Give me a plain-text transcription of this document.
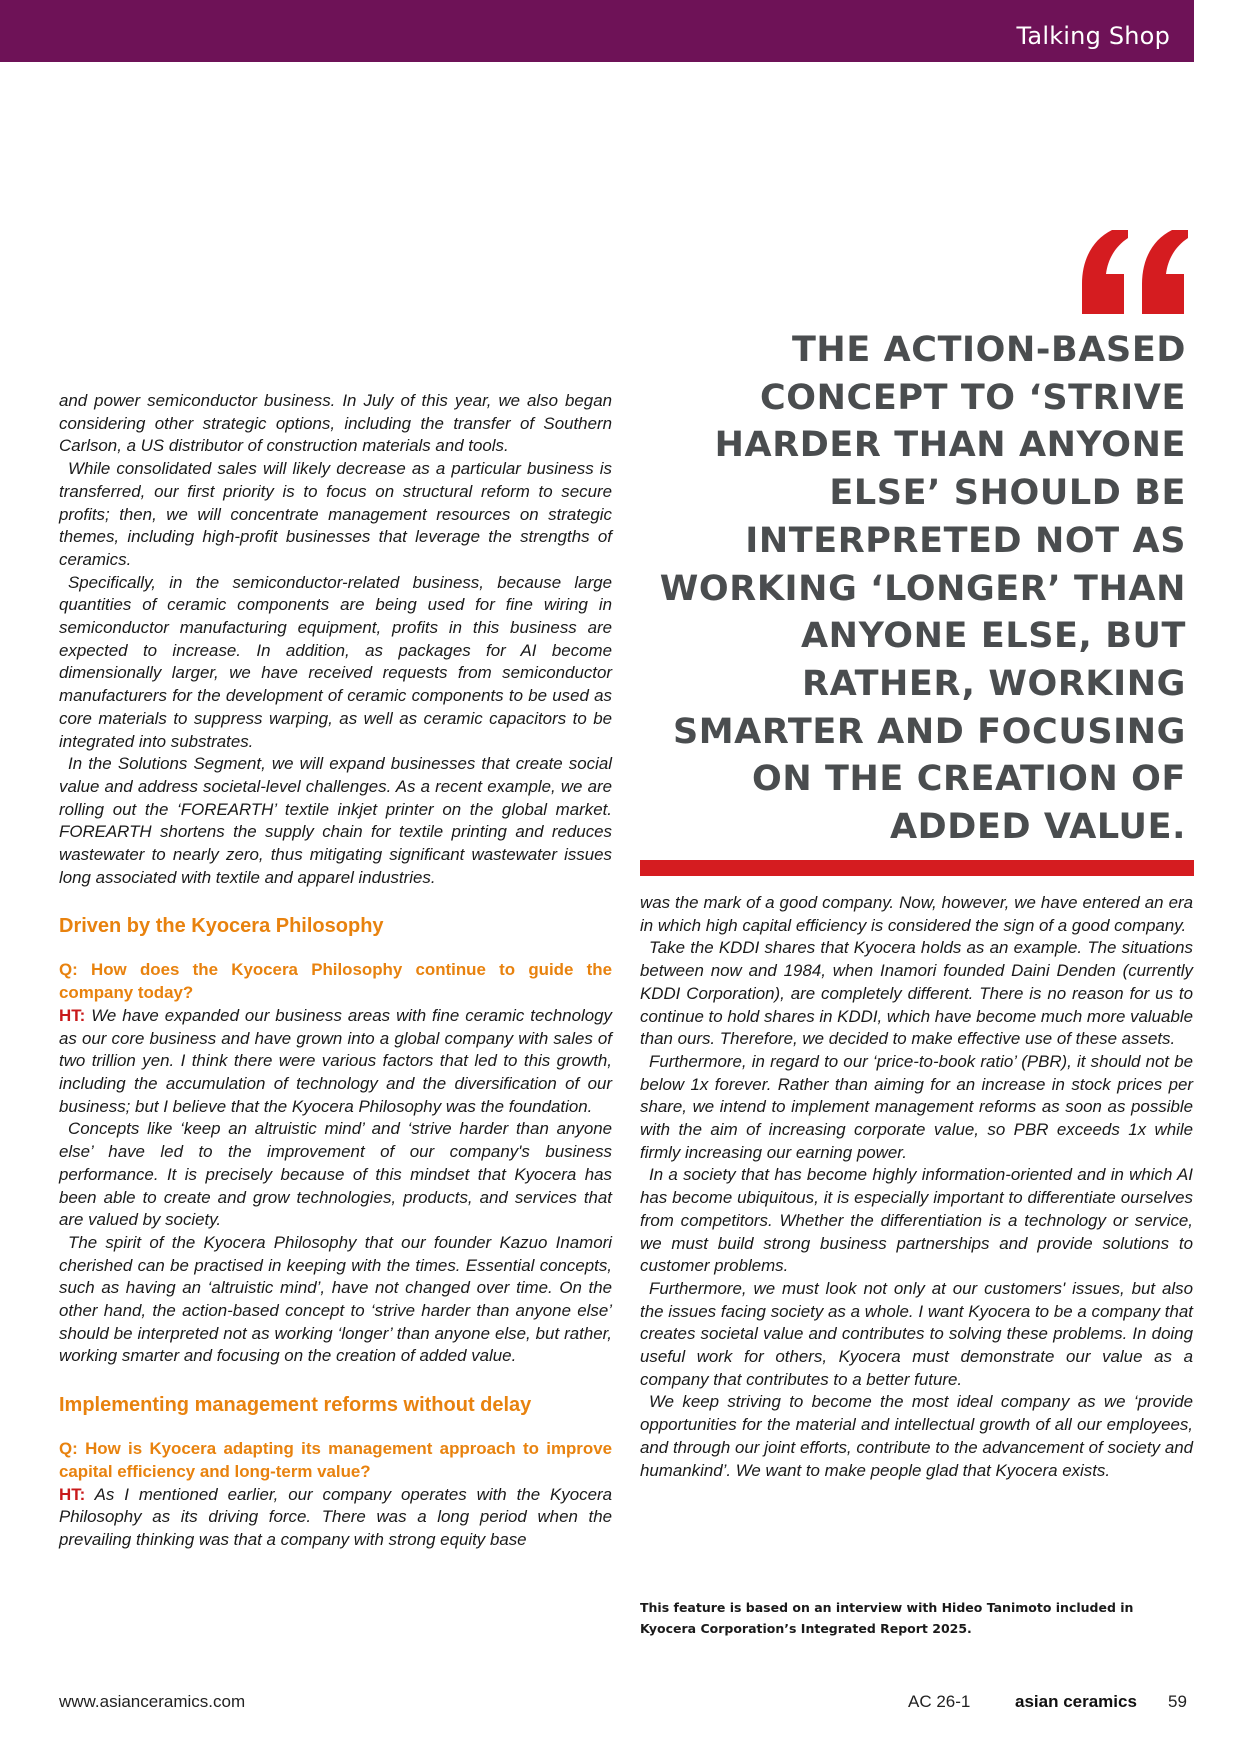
Talking Shop

and power semiconductor business. In July of this year, we also began considering other strategic options, including the transfer of Southern Carlson, a US distributor of construction materials and tools.

While consolidated sales will likely decrease as a particular business is transferred, our first priority is to focus on structural reform to secure profits; then, we will concentrate management resources on strategic themes, including high-profit businesses that leverage the strengths of ceramics.

Specifically, in the semiconductor-related business, because large quantities of ceramic components are being used for fine wiring in semiconductor manufacturing equipment, profits in this business are expected to increase. In addition, as packages for AI become dimensionally larger, we have received requests from semiconductor manufacturers for the development of ceramic components to be used as core materials to suppress warping, as well as ceramic capacitors to be integrated into substrates.

In the Solutions Segment, we will expand businesses that create social value and address societal-level challenges. As a recent example, we are rolling out the ‘FOREARTH’ textile inkjet printer on the global market. FOREARTH shortens the supply chain for textile printing and reduces wastewater to nearly zero, thus mitigating significant wastewater issues long associated with textile and apparel industries.

Driven by the Kyocera Philosophy
Q: How does the Kyocera Philosophy continue to guide the company today?

HT: We have expanded our business areas with fine ceramic technology as our core business and have grown into a global company with sales of two trillion yen. I think there were various factors that led to this growth, including the accumulation of technology and the diversification of our business; but I believe that the Kyocera Philosophy was the foundation.

Concepts like ‘keep an altruistic mind’ and ‘strive harder than anyone else’ have led to the improvement of our company's business performance. It is precisely because of this mindset that Kyocera has been able to create and grow technologies, products, and services that are valued by society.

The spirit of the Kyocera Philosophy that our founder Kazuo Inamori cherished can be practised in keeping with the times. Essential concepts, such as having an ‘altruistic mind’, have not changed over time. On the other hand, the action-based concept to ‘strive harder than anyone else’ should be interpreted not as working ‘longer’ than anyone else, but rather, working smarter and focusing on the creation of added value.

Implementing management reforms without delay
Q: How is Kyocera adapting its management approach to improve capital efficiency and long-term value?

HT: As I mentioned earlier, our company operates with the Kyocera Philosophy as its driving force. There was a long period when the prevailing thinking was that a company with strong equity base

THE ACTION-BASED CONCEPT TO ‘STRIVE HARDER THAN ANYONE ELSE’ SHOULD BE INTERPRETED NOT AS WORKING ‘LONGER’ THAN ANYONE ELSE, BUT RATHER, WORKING SMARTER AND FOCUSING ON THE CREATION OF ADDED VALUE.

was the mark of a good company. Now, however, we have entered an era in which high capital efficiency is considered the sign of a good company.

Take the KDDI shares that Kyocera holds as an example. The situations between now and 1984, when Inamori founded Daini Denden (currently KDDI Corporation), are completely different. There is no reason for us to continue to hold shares in KDDI, which have become much more valuable than ours. Therefore, we decided to make effective use of these assets.

Furthermore, in regard to our ‘price-to-book ratio’ (PBR), it should not be below 1x forever. Rather than aiming for an increase in stock prices per share, we intend to implement management reforms as soon as possible with the aim of increasing corporate value, so PBR exceeds 1x while firmly increasing our earning power.

In a society that has become highly information-oriented and in which AI has become ubiquitous, it is especially important to differentiate ourselves from competitors. Whether the differentiation is a technology or service, we must build strong business partnerships and provide solutions to customer problems.

Furthermore, we must look not only at our customers' issues, but also the issues facing society as a whole. I want Kyocera to be a company that creates societal value and contributes to solving these problems. In doing useful work for others, Kyocera must demonstrate our value as a company that contributes to a better future.

We keep striving to become the most ideal company as we ‘provide opportunities for the material and intellectual growth of all our employees, and through our joint efforts, contribute to the advancement of society and humankind’. We want to make people glad that Kyocera exists.

This feature is based on an interview with Hideo Tanimoto included in Kyocera Corporation’s Integrated Report 2025.
www.asianceramics.com	AC 26-1	asian ceramics 59
